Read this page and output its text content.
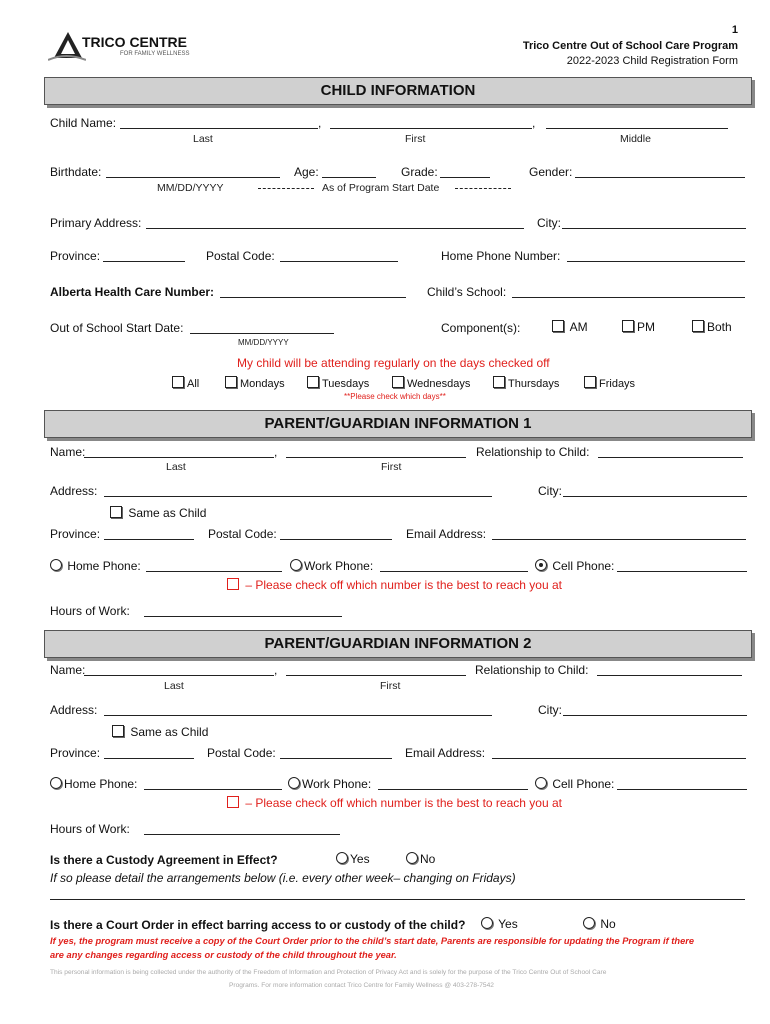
TRICO CENTRE
FOR FAMILY WELLNESS
1
Trico Centre Out of School Care Program
2022-2023 Child Registration Form
CHILD INFORMATION
Child Name:	,	,
Last	First	Middle
Birthdate:	Age:	Grade:	Gender:
MM/DD/YYYY	As of Program Start Date
Primary Address:	City:
Province:	Postal Code:	Home Phone Number:
Alberta Health Care Number:	Child’s School:
Out of School Start Date:
MM/DD/YYYY
Component(s):	AM	PM	Both
My child will be attending regularly on the days checked off
All	Mondays	Tuesdays	Wednesdays	Thursdays	Fridays
**Please check which days**
PARENT/GUARDIAN INFORMATION 1
Name:	,	Relationship to Child:
Last	First
Address:	City:
Same as Child
Province:	Postal Code:	Email Address:
Home Phone:	Work Phone:	Cell Phone:
– Please check off which number is the best to reach you at
Hours of Work:
PARENT/GUARDIAN INFORMATION 2
Name:	,	Relationship to Child:
Last	First
Address:	City:
Same as Child
Province:	Postal Code:	Email Address:
Home Phone:	Work Phone:	Cell Phone:
– Please check off which number is the best to reach you at
Hours of Work:
Is there a Custody Agreement in Effect?	Yes	No
If so please detail the arrangements below (i.e. every other week– changing on Fridays)
Is there a Court Order in effect barring access to or custody of the child?	Yes	No
If yes, the program must receive a copy of the Court Order prior to the child’s start date, Parents are responsible for updating the Program if there
are any changes regarding access or custody of the child throughout the year.
This personal information is being collected under the authority of the Freedom of Information and Protection of Privacy Act and is solely for the purpose of the Trico Centre Out of School Care
Programs. For more information contact Trico Centre for Family Wellness @ 403-278-7542
